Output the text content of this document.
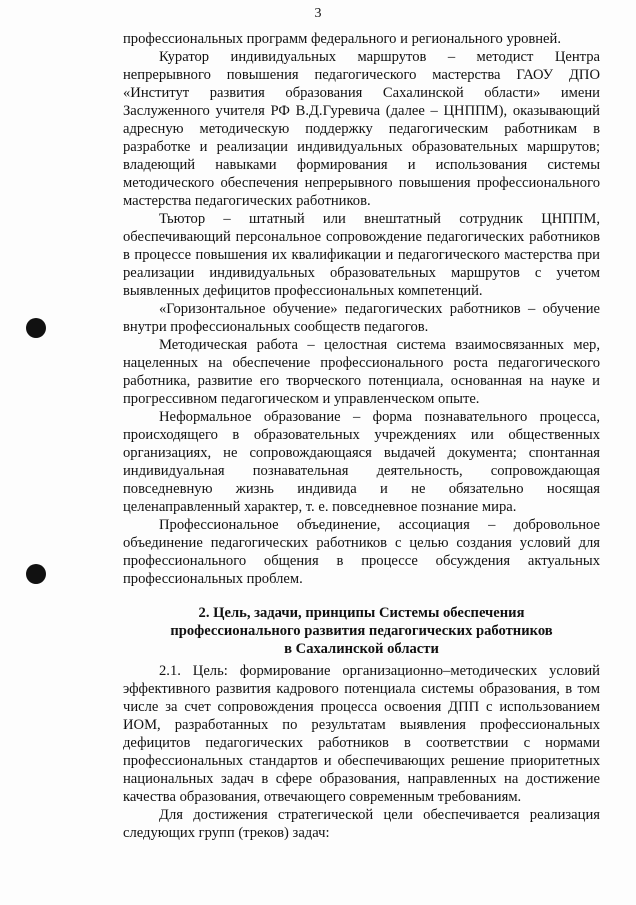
3

профессиональных программ федерального и регионального уровней.

Куратор индивидуальных маршрутов – методист Центра непрерывного повышения педагогического мастерства ГАОУ ДПО «Институт развития образования Сахалинской области» имени Заслуженного учителя РФ В.Д.Гуревича (далее – ЦНППМ), оказывающий адресную методическую поддержку педагогическим работникам в разработке и реализации индивидуальных образовательных маршрутов; владеющий навыками формирования и использования системы методического обеспечения непрерывного повышения профессионального мастерства педагогических работников.

Тьютор – штатный или внештатный сотрудник ЦНППМ, обеспечивающий персональное сопровождение педагогических работников в процессе повышения их квалификации и педагогического мастерства при реализации индивидуальных образовательных маршрутов с учетом выявленных дефицитов профессиональных компетенций.

«Горизонтальное обучение» педагогических работников – обучение внутри профессиональных сообществ педагогов.

Методическая работа – целостная система взаимосвязанных мер, нацеленных на обеспечение профессионального роста педагогического работника, развитие его творческого потенциала, основанная на науке и прогрессивном педагогическом и управленческом опыте.

Неформальное образование – форма познавательного процесса, происходящего в образовательных учреждениях или общественных организациях, не сопровождающаяся выдачей документа; спонтанная индивидуальная познавательная деятельность, сопровождающая повседневную жизнь индивида и не обязательно носящая целенаправленный характер, т. е. повседневное познание мира.

Профессиональное объединение, ассоциация – добровольное объединение педагогических работников с целью создания условий для профессионального общения в процессе обсуждения актуальных профессиональных проблем.

2. Цель, задачи, принципы Системы обеспечения
профессионального развития педагогических работников
в Сахалинской области

2.1. Цель: формирование организационно–методических условий эффективного развития кадрового потенциала системы образования, в том числе за счет сопровождения процесса освоения ДПП с использованием ИОМ, разработанных по результатам выявления профессиональных дефицитов педагогических работников в соответствии с нормами профессиональных стандартов и обеспечивающих решение приоритетных национальных задач в сфере образования, направленных на достижение качества образования, отвечающего современным требованиям.

Для достижения стратегической цели обеспечивается реализация следующих групп (треков) задач:
